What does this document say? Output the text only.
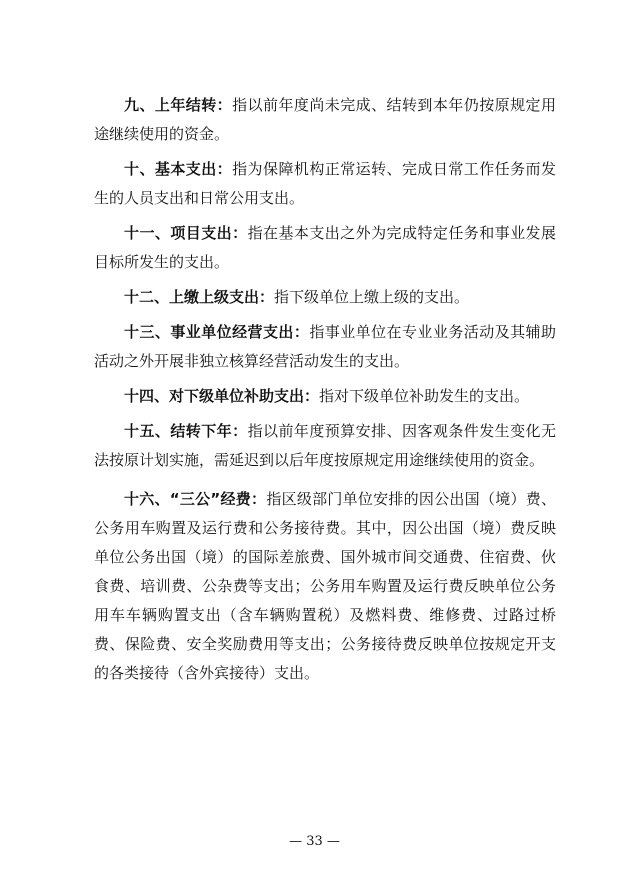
九、上年结转：指以前年度尚未完成、结转到本年仍按原规定用途继续使用的资金。

十、基本支出：指为保障机构正常运转、完成日常工作任务而发生的人员支出和日常公用支出。

十一、项目支出：指在基本支出之外为完成特定任务和事业发展目标所发生的支出。

十二、上缴上级支出：指下级单位上缴上级的支出。

十三、事业单位经营支出：指事业单位在专业业务活动及其辅助活动之外开展非独立核算经营活动发生的支出。

十四、对下级单位补助支出：指对下级单位补助发生的支出。

十五、结转下年：指以前年度预算安排、因客观条件发生变化无法按原计划实施，需延迟到以后年度按原规定用途继续使用的资金。

十六、“三公”经费：指区级部门单位安排的因公出国（境）费、公务用车购置及运行费和公务接待费。其中，因公出国（境）费反映单位公务出国（境）的国际差旅费、国外城市间交通费、住宿费、伙食费、培训费、公杂费等支出；公务用车购置及运行费反映单位公务用车车辆购置支出（含车辆购置税）及燃料费、维修费、过路过桥费、保险费、安全奖励费用等支出；公务接待费反映单位按规定开支的各类接待（含外宾接待）支出。

— 33 —
